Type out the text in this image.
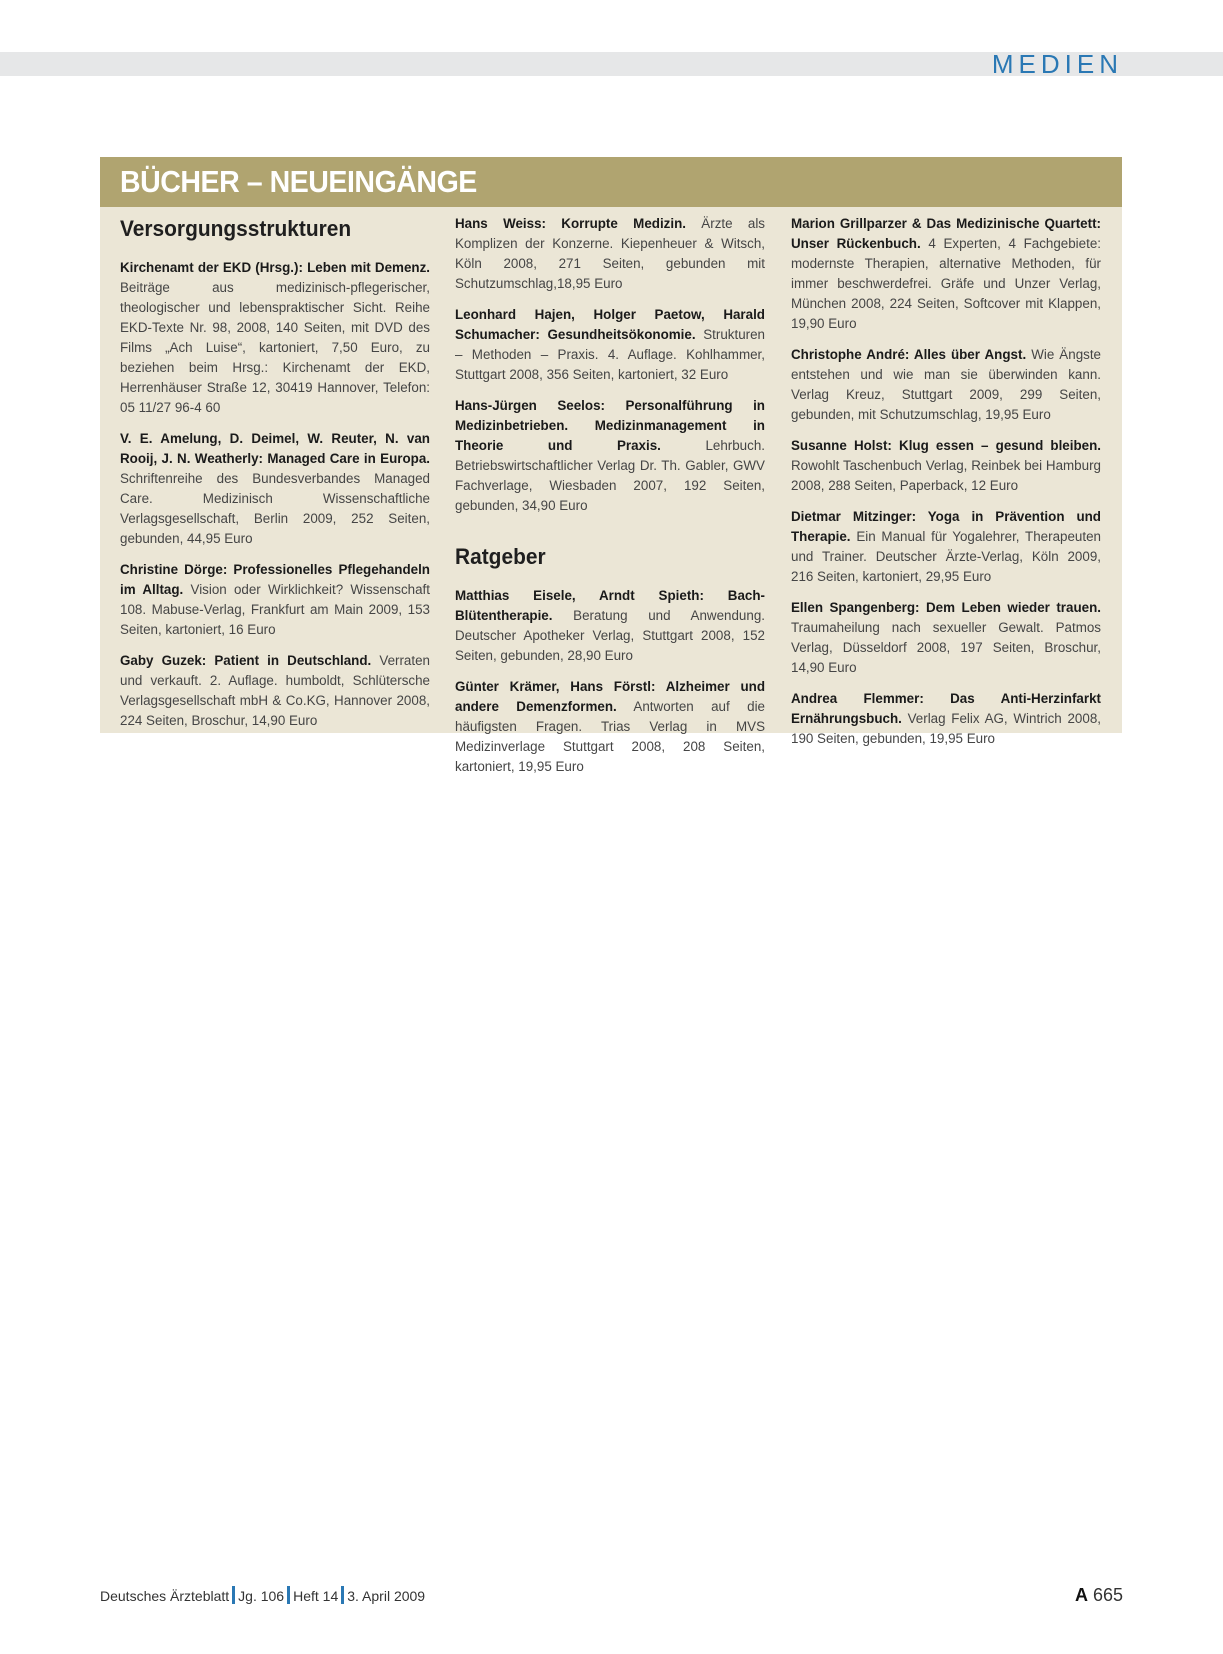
MEDIEN
BÜCHER – NEUEINGÄNGE
Versorgungsstrukturen

Kirchenamt der EKD (Hrsg.): Leben mit Demenz. Beiträge aus medizinisch-pflegerischer, theologischer und lebenspraktischer Sicht. Reihe EKD-Texte Nr. 98, 2008, 140 Seiten, mit DVD des Films „Ach Luise“, kartoniert, 7,50 Euro, zu beziehen beim Hrsg.: Kirchenamt der EKD, Herrenhäuser Straße 12, 30419 Hannover, Telefon: 05 11/27 96-4 60

V. E. Amelung, D. Deimel, W. Reuter, N. van Rooij, J. N. Weatherly: Managed Care in Europa. Schriftenreihe des Bundesverbandes Managed Care. Medizinisch Wissenschaftliche Verlagsgesellschaft, Berlin 2009, 252 Seiten, gebunden, 44,95 Euro

Christine Dörge: Professionelles Pflegehandeln im Alltag. Vision oder Wirklichkeit? Wissenschaft 108. Mabuse-Verlag, Frankfurt am Main 2009, 153 Seiten, kartoniert, 16 Euro

Gaby Guzek: Patient in Deutschland. Verraten und verkauft. 2. Auflage. humboldt, Schlütersche Verlagsgesellschaft mbH & Co.KG, Hannover 2008, 224 Seiten, Broschur, 14,90 Euro

Hans Weiss: Korrupte Medizin. Ärzte als Komplizen der Konzerne. Kiepenheuer & Witsch, Köln 2008, 271 Seiten, gebunden mit Schutzumschlag,18,95 Euro

Leonhard Hajen, Holger Paetow, Harald Schumacher: Gesundheitsökonomie. Strukturen – Methoden – Praxis. 4. Auflage. Kohlhammer, Stuttgart 2008, 356 Seiten, kartoniert, 32 Euro

Hans-Jürgen Seelos: Personalführung in Medizinbetrieben. Medizinmanagement in Theorie und Praxis. Lehrbuch. Betriebswirtschaftlicher Verlag Dr. Th. Gabler, GWV Fachverlage, Wiesbaden 2007, 192 Seiten, gebunden, 34,90 Euro

Ratgeber

Matthias Eisele, Arndt Spieth: Bach-Blütentherapie. Beratung und Anwendung. Deutscher Apotheker Verlag, Stuttgart 2008, 152 Seiten, gebunden, 28,90 Euro

Günter Krämer, Hans Förstl: Alzheimer und andere Demenzformen. Antworten auf die häufigsten Fragen. Trias Verlag in MVS Medizinverlage Stuttgart 2008, 208 Seiten, kartoniert, 19,95 Euro

Marion Grillparzer & Das Medizinische Quartett: Unser Rückenbuch. 4 Experten, 4 Fachgebiete: modernste Therapien, alternative Methoden, für immer beschwerdefrei. Gräfe und Unzer Verlag, München 2008, 224 Seiten, Softcover mit Klappen, 19,90 Euro

Christophe André: Alles über Angst. Wie Ängste entstehen und wie man sie überwinden kann. Verlag Kreuz, Stuttgart 2009, 299 Seiten, gebunden, mit Schutzumschlag, 19,95 Euro

Susanne Holst: Klug essen – gesund bleiben. Rowohlt Taschenbuch Verlag, Reinbek bei Hamburg 2008, 288 Seiten, Paperback, 12 Euro

Dietmar Mitzinger: Yoga in Prävention und Therapie. Ein Manual für Yogalehrer, Therapeuten und Trainer. Deutscher Ärzte-Verlag, Köln 2009, 216 Seiten, kartoniert, 29,95 Euro

Ellen Spangenberg: Dem Leben wieder trauen. Traumaheilung nach sexueller Gewalt. Patmos Verlag, Düsseldorf 2008, 197 Seiten, Broschur, 14,90 Euro

Andrea Flemmer: Das Anti-Herzinfarkt Ernährungsbuch. Verlag Felix AG, Wintrich 2008, 190 Seiten, gebunden, 19,95 Euro

Deutsches Ärzteblatt Jg. 106 Heft 14 3. April 2009	A 665
